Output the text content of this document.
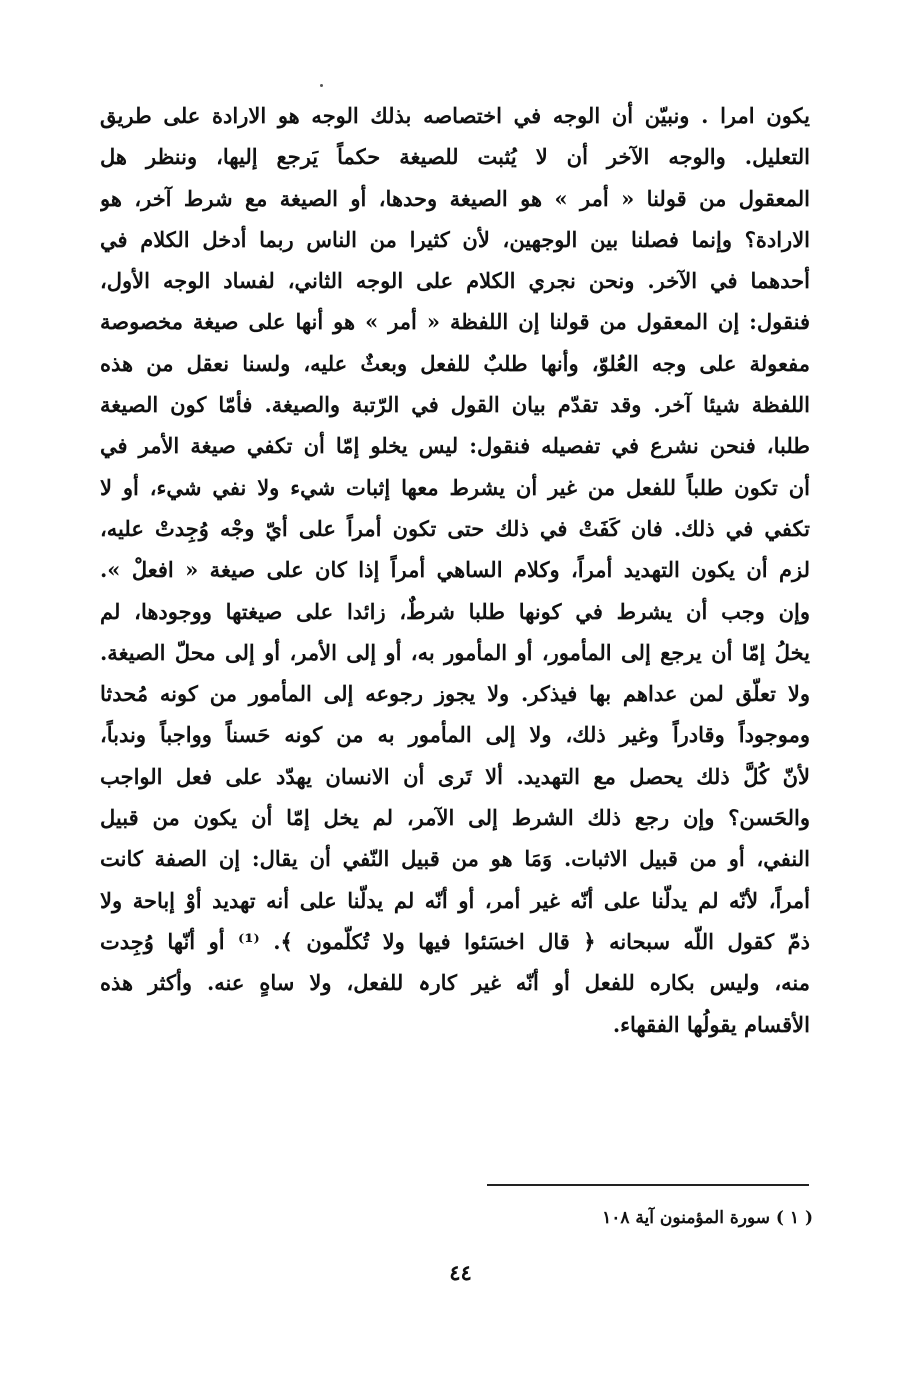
يكون امرا . ونبيّن أن الوجه في اختصاصه بذلك الوجه هو الارادة على طريق
التعليل. والوجه الآخر أن لا يُثبت للصيغة حكماً يَرجع إليها، وننظر هل
المعقول من قولنا « أمر » هو الصيغة وحدها، أو الصيغة مع شرط آخر، هو
الارادة؟ وإنما فصلنا بين الوجهين، لأن كثيرا من الناس ربما أدخل الكلام في
أحدهما في الآخر. ونحن نجري الكلام على الوجه الثاني، لفساد الوجه الأول،
فنقول: إن المعقول من قولنا إن اللفظة « أمر » هو أنها على صيغة مخصوصة
مفعولة على وجه العُلوّ، وأنها طلبٌ للفعل وبعثٌ عليه، ولسنا نعقل من هذه
اللفظة شيئا آخر. وقد تقدّم بيان القول في الرّتبة والصيغة. فأمّا كون الصيغة
طلبا، فنحن نشرع في تفصيله فنقول: ليس يخلو إمّا أن تكفي صيغة الأمر في
أن تكون طلباً للفعل من غير أن يشرط معها إثبات شيء ولا نفي شيء، أو لا
تكفي في ذلك. فان كَفَتْ في ذلك حتى تكون أمراً على أيّ وجْه وُجِدتْ عليه،
لزم أن يكون التهديد أمراً، وكلام الساهي أمراً إذا كان على صيغة « افعلْ ».
وإن وجب أن يشرط في كونها طلبا شرطٌ، زائدا على صيغتها ووجودها، لم
يخلُ إمّا أن يرجع إلى المأمور، أو المأمور به، أو إلى الأمر، أو إلى محلّ الصيغة.
ولا تعلّق لمن عداهم بها فيذكر. ولا يجوز رجوعه إلى المأمور من كونه مُحدثا
وموجوداً وقادراً وغير ذلك، ولا إلى المأمور به من كونه حَسناً وواجباً وندباً،
لأنّ كُلَّ ذلك يحصل مع التهديد. ألا تَرى أن الانسان يهدّد على فعل الواجب
والحَسن؟ وإن رجع ذلك الشرط إلى الآمر، لم يخل إمّا أن يكون من قبيل
النفي، أو من قبيل الاثبات. وَمَا هو من قبيل النّفي أن يقال: إن الصفة كانت
أمراً، لأنّه لم يدلّنا على أنّه غير أمر، أو أنّه لم يدلّنا على أنه تهديد أوْ إباحة ولا
ذمّ كقول اللّه سبحانه ﴿ قال اخسَئوا فيها ولا تُكلّمون ﴾. ⁽¹⁾ أو أنّها وُجِدت
منه، وليس بكاره للفعل أو أنّه غير كارہ للفعل، ولا ساهٍ عنه. وأكثر هذه
الأقسام يقولُها الفقهاء.
( ١ ) سورة المؤمنون آية ١٠٨
٤٤
